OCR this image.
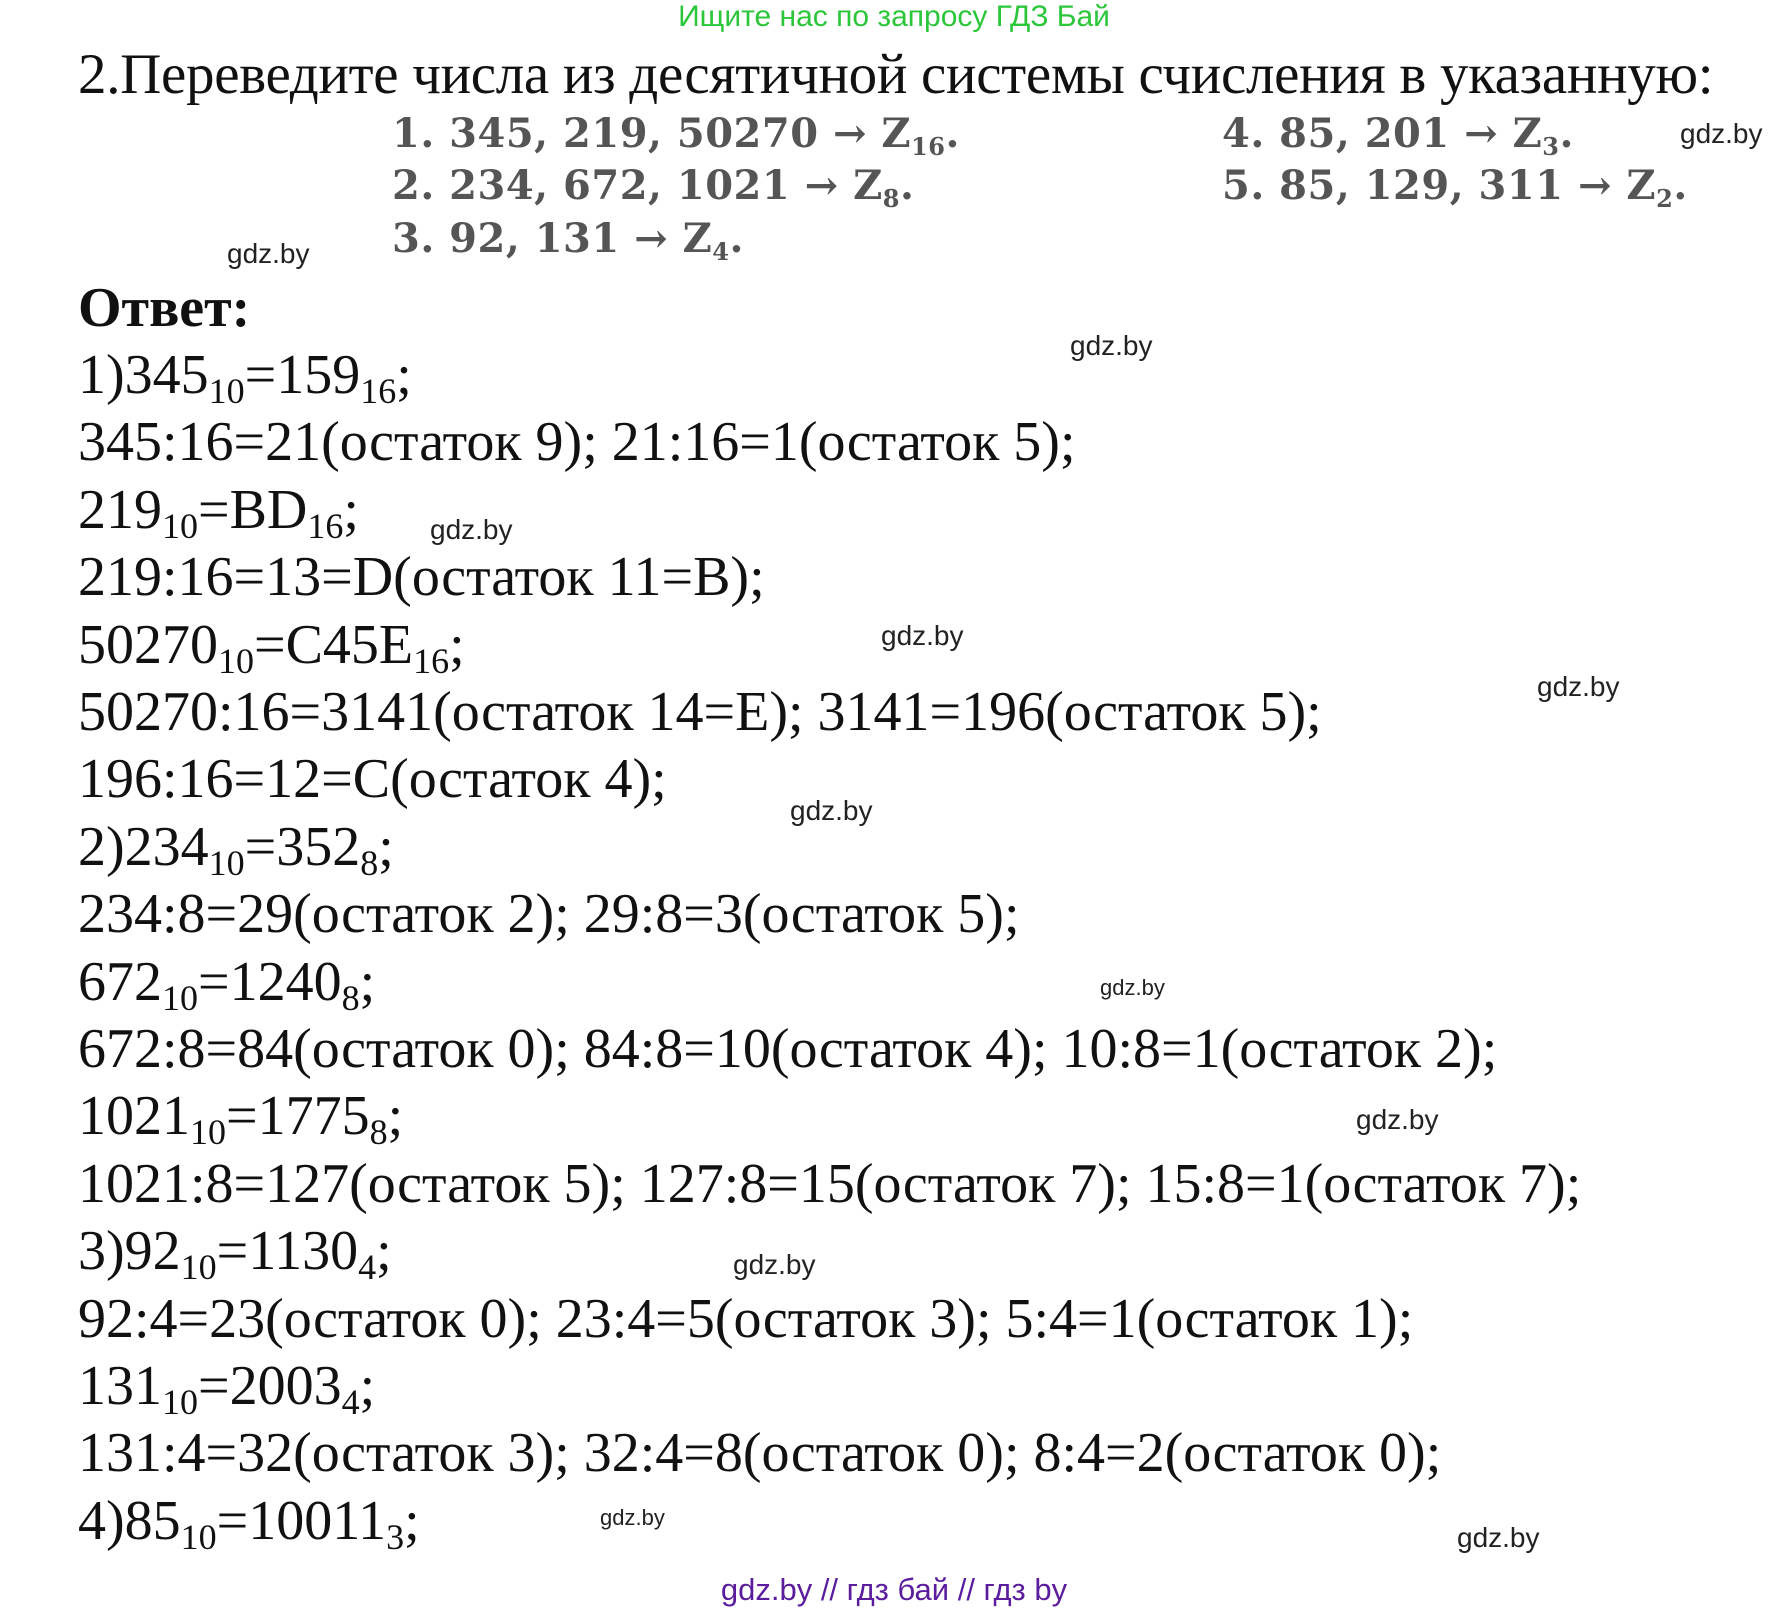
Ищите нас по запросу ГДЗ Бай
2.Переведите числа из десятичной системы счисления в указанную:
1. 345, 219, $50270 \to Z_{16}$.
2. 234, 672, $1021 \to Z_8$.
3. 92, $131 \to Z_4$.
4. 85, $201 \to Z_3$.
5. 85, 129, $311 \to Z_2$.
Ответ:
$1)345_{10}=159_{16}$;
345:16=21(остаток 9); 21:16=1(остаток 5);
$219_{10}=BD_{16}$;
219:16=13=D(остаток 11=B);
$50270_{10}=C45E_{16}$;
50270:16=3141(остаток 14=E); 3141=196(остаток 5);
196:16=12=C(остаток 4);
$2)234_{10}=352_8$;
234:8=29(остаток 2); 29:8=3(остаток 5);
$672_{10}=1240_8$;
672:8=84(остаток 0); 84:8=10(остаток 4); 10:8=1(остаток 2);
$1021_{10}=1775_8$;
1021:8=127(остаток 5); 127:8=15(остаток 7); 15:8=1(остаток 7);
$3)92_{10}=1130_4$;
92:4=23(остаток 0); 23:4=5(остаток 3); 5:4=1(остаток 1);
$131_{10}=2003_4$;
131:4=32(остаток 3); 32:4=8(остаток 0); 8:4=2(остаток 0);
$4)85_{10}=10011_3$;
gdz.by
gdz.by
gdz.by
gdz.by
gdz.by
gdz.by
gdz.by
gdz.by
gdz.by
gdz.by
gdz.by
gdz.by
gdz.by // гдз бай // гдз by
